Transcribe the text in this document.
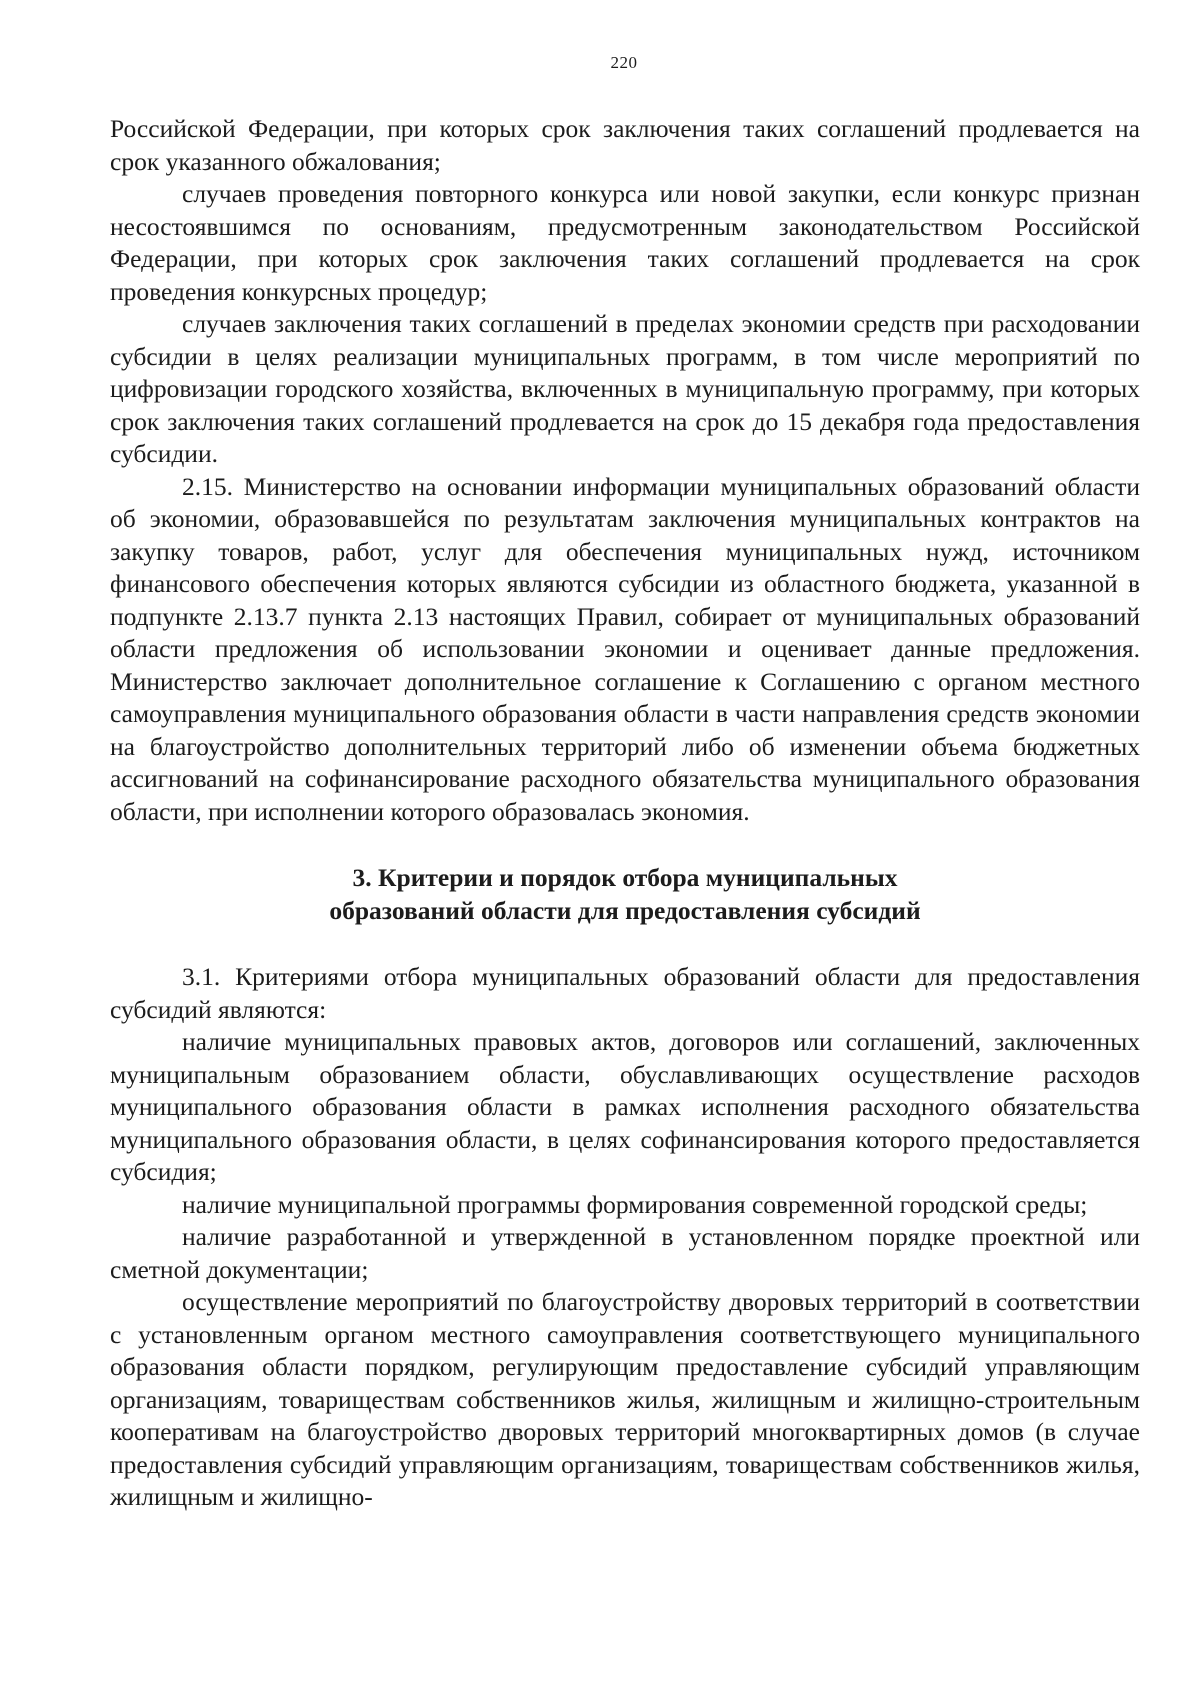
220

Российской Федерации, при которых срок заключения таких соглашений продлевается на срок указанного обжалования;

случаев проведения повторного конкурса или новой закупки, если конкурс признан несостоявшимся по основаниям, предусмотренным законодательством Российской Федерации, при которых срок заключения таких соглашений продлевается на срок проведения конкурсных процедур;

случаев заключения таких соглашений в пределах экономии средств при расходовании субсидии в целях реализации муниципальных программ, в том числе мероприятий по цифровизации городского хозяйства, включенных в муниципальную программу, при которых срок заключения таких соглашений продлевается на срок до 15 декабря года предоставления субсидии.

2.15. Министерство на основании информации муниципальных образований области об экономии, образовавшейся по результатам заключения муниципальных контрактов на закупку товаров, работ, услуг для обеспечения муниципальных нужд, источником финансового обеспечения которых являются субсидии из областного бюджета, указанной в подпункте 2.13.7 пункта 2.13 настоящих Правил, собирает от муниципальных образований области предложения об использовании экономии и оценивает данные предложения. Министерство заключает дополнительное соглашение к Соглашению с органом местного самоуправления муниципального образования области в части направления средств экономии на благоустройство дополнительных территорий либо об изменении объема бюджетных ассигнований на софинансирование расходного обязательства муниципального образования области, при исполнении которого образовалась экономия.

3. Критерии и порядок отбора муниципальных
образований области для предоставления субсидий

3.1. Критериями отбора муниципальных образований области для предоставления субсидий являются:

наличие муниципальных правовых актов, договоров или соглашений, заключенных муниципальным образованием области, обуславливающих осуществление расходов муниципального образования области в рамках исполнения расходного обязательства муниципального образования области, в целях софинансирования которого предоставляется субсидия;

наличие муниципальной программы формирования современной городской среды;

наличие разработанной и утвержденной в установленном порядке проектной или сметной документации;

осуществление мероприятий по благоустройству дворовых территорий в соответствии с установленным органом местного самоуправления соответствующего муниципального образования области порядком, регулирующим предоставление субсидий управляющим организациям, товариществам собственников жилья, жилищным и жилищно-строительным кооперативам на благоустройство дворовых территорий многоквартирных домов (в случае предоставления субсидий управляющим организациям, товариществам собственников жилья, жилищным и жилищно-
